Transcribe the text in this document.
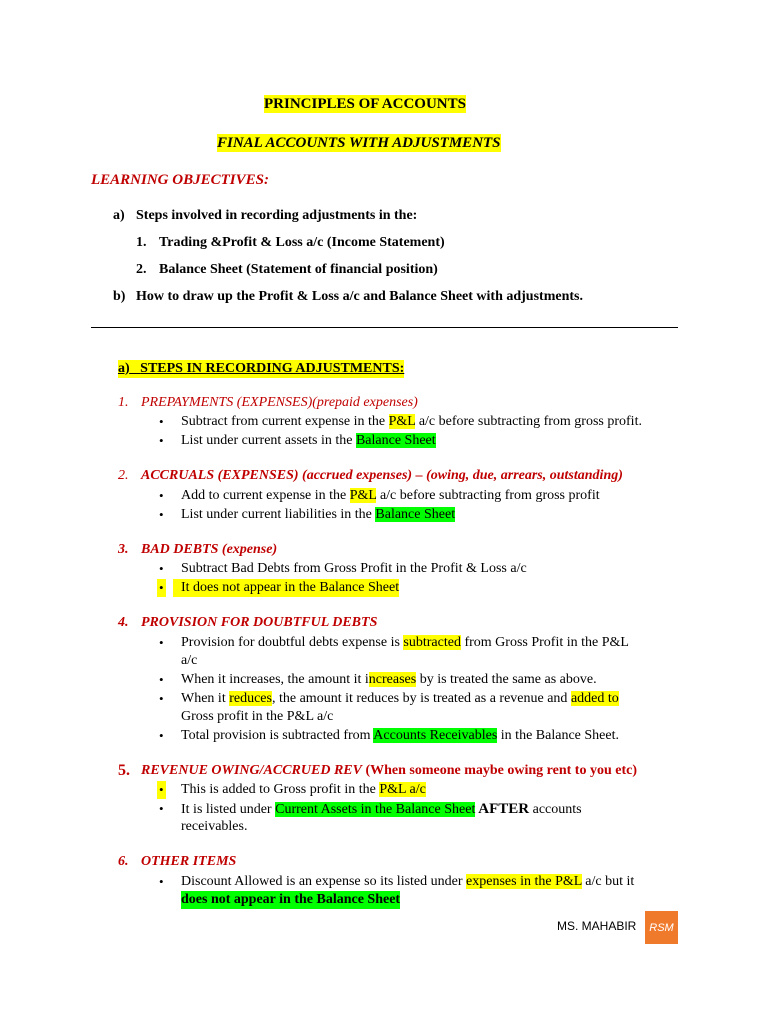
PRINCIPLES OF ACCOUNTS
FINAL ACCOUNTS WITH ADJUSTMENTS
LEARNING OBJECTIVES:
a) Steps involved in recording adjustments in the:
1. Trading &Profit & Loss a/c (Income Statement)
2. Balance Sheet (Statement of financial position)
b) How to draw up the Profit & Loss a/c and Balance Sheet with adjustments.
a) STEPS IN RECORDING ADJUSTMENTS:
1. PREPAYMENTS (EXPENSES)(prepaid expenses)
• Subtract from current expense in the P&L a/c before subtracting from gross profit.
• List under current assets in the Balance Sheet
2. ACCRUALS (EXPENSES) (accrued expenses) – (owing, due, arrears, outstanding)
• Add to current expense in the P&L a/c before subtracting from gross profit
• List under current liabilities in the Balance Sheet
3. BAD DEBTS (expense)
• Subtract Bad Debts from Gross Profit in the Profit & Loss a/c
•	It does not appear in the Balance Sheet
4. PROVISION FOR DOUBTFUL DEBTS
• Provision for doubtful debts expense is subtracted from Gross Profit in the P&L
a/c
• When it increases, the amount it increases by is treated the same as above.
• When it reduces, the amount it reduces by is treated as a revenue and added to
Gross profit in the P&L a/c
• Total provision is subtracted from Accounts Receivables in the Balance Sheet.
5. REVENUE OWING/ACCRUED REV (When someone maybe owing rent to you etc)
• This is added to Gross profit in the P&L a/c
• It is listed under Current Assets in the Balance Sheet AFTER accounts
receivables.
6. OTHER ITEMS
• Discount Allowed is an expense so its listed under expenses in the P&L a/c but it
does not appear in the Balance Sheet
MS. MAHABIR	RSM
